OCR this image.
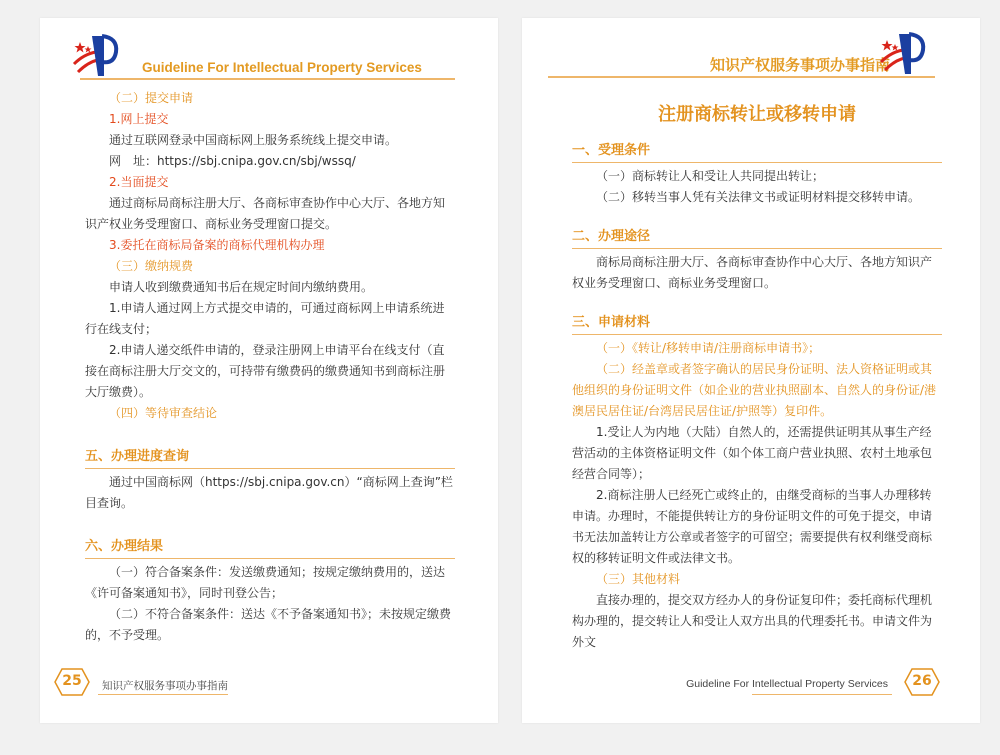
Guideline For Intellectual Property Services

（二）提交申请

1.网上提交

通过互联网登录中国商标网上服务系统线上提交申请。

网　址：https://sbj.cnipa.gov.cn/sbj/wssq/

2.当面提交

通过商标局商标注册大厅、各商标审查协作中心大厅、各地方知识产权业务受理窗口、商标业务受理窗口提交。

3.委托在商标局备案的商标代理机构办理

（三）缴纳规费

申请人收到缴费通知书后在规定时间内缴纳费用。

1.申请人通过网上方式提交申请的，可通过商标网上申请系统进行在线支付；

2.申请人递交纸件申请的，登录注册网上申请平台在线支付（直接在商标注册大厅交文的，可持带有缴费码的缴费通知书到商标注册大厅缴费）。

（四）等待审查结论

五、办理进度查询

通过中国商标网（https://sbj.cnipa.gov.cn）“商标网上查询”栏目查询。

六、办理结果

（一）符合备案条件：发送缴费通知；按规定缴纳费用的，送达《许可备案通知书》，同时刊登公告；

（二）不符合备案条件：送达《不予备案通知书》；未按规定缴费的，不予受理。

25	知识产权服务事项办事指南
知识产权服务事项办事指南

注册商标转让或移转申请

一、受理条件

（一）商标转让人和受让人共同提出转让；

（二）移转当事人凭有关法律文书或证明材料提交移转申请。

二、办理途径

商标局商标注册大厅、各商标审查协作中心大厅、各地方知识产权业务受理窗口、商标业务受理窗口。

三、申请材料

（一）《转让/移转申请/注册商标申请书》；

（二）经盖章或者签字确认的居民身份证明、法人资格证明或其他组织的身份证明文件（如企业的营业执照副本、自然人的身份证/港澳居民居住证/台湾居民居住证/护照等）复印件。

1.受让人为内地（大陆）自然人的，还需提供证明其从事生产经营活动的主体资格证明文件（如个体工商户营业执照、农村土地承包经营合同等）；

2.商标注册人已经死亡或终止的，由继受商标的当事人办理移转申请。办理时，不能提供转让方的身份证明文件的可免于提交，申请书无法加盖转让方公章或者签字的可留空；需要提供有权利继受商标权的移转证明文件或法律文书。

（三）其他材料

直接办理的，提交双方经办人的身份证复印件；委托商标代理机构办理的，提交转让人和受让人双方出具的代理委托书。申请文件为外文

Guideline For Intellectual Property Services	26
